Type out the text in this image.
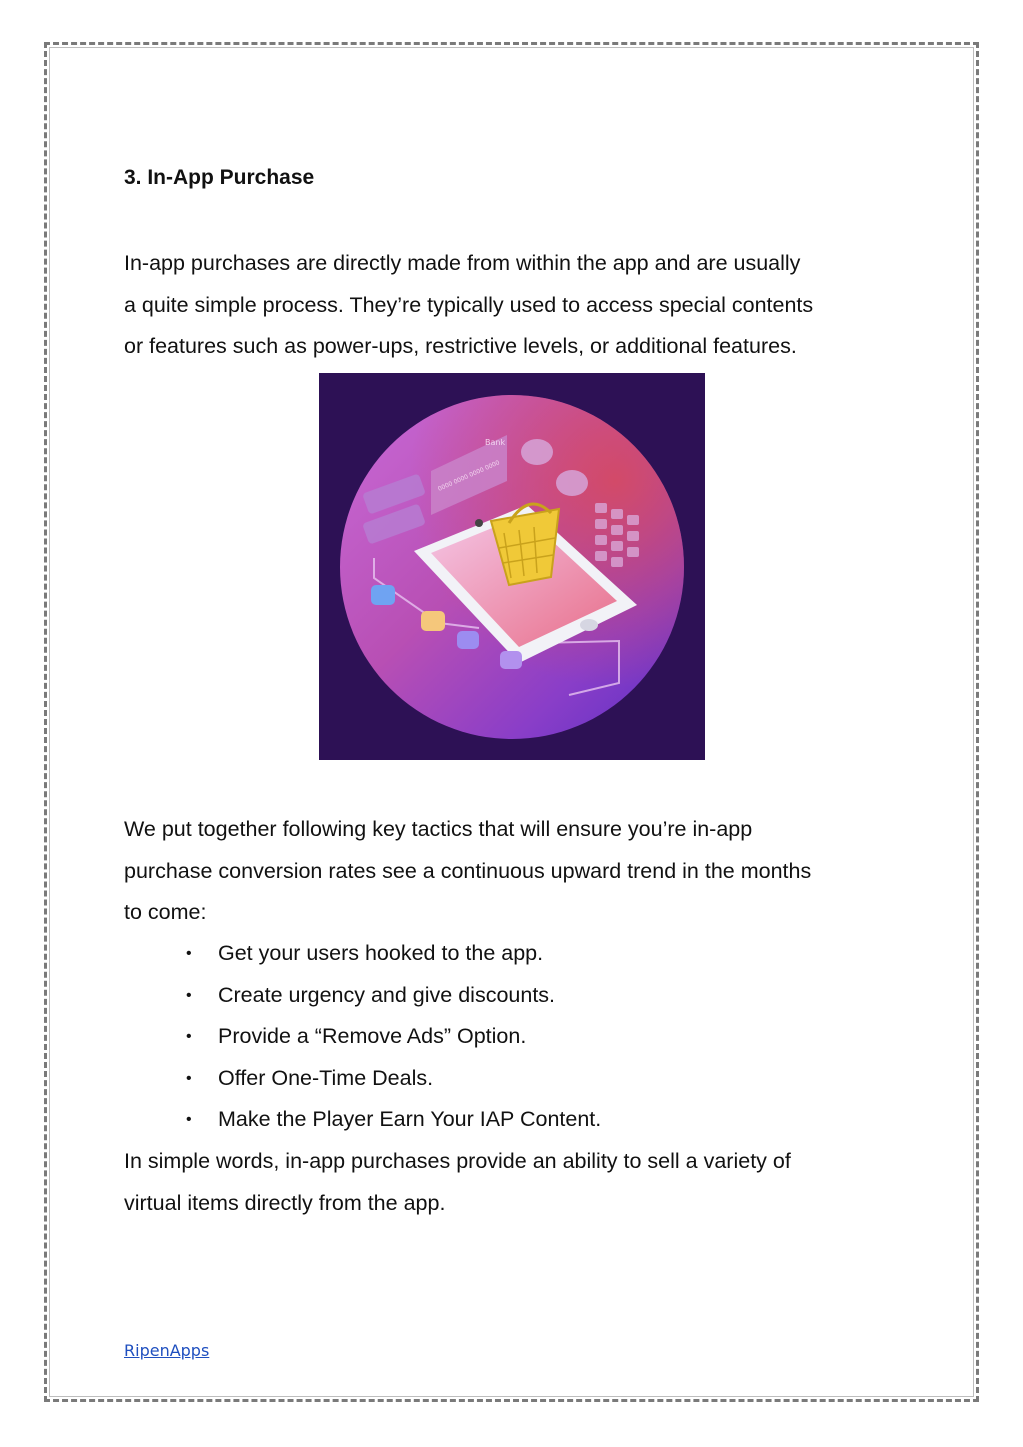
3. In-App Purchase

In-app purchases are directly made from within the app and are usually
a quite simple process. They’re typically used to access special contents
or features such as power-ups, restrictive levels, or additional features.

We put together following key tactics that will ensure you’re in-app
purchase conversion rates see a continuous upward trend in the months
to come:

• Get your users hooked to the app.
• Create urgency and give discounts.
• Provide a “Remove Ads” Option.
• Offer One-Time Deals.
• Make the Player Earn Your IAP Content.

In simple words, in-app purchases provide an ability to sell a variety of
virtual items directly from the app.

Bank
0000 0000 0000 0000
RipenApps
